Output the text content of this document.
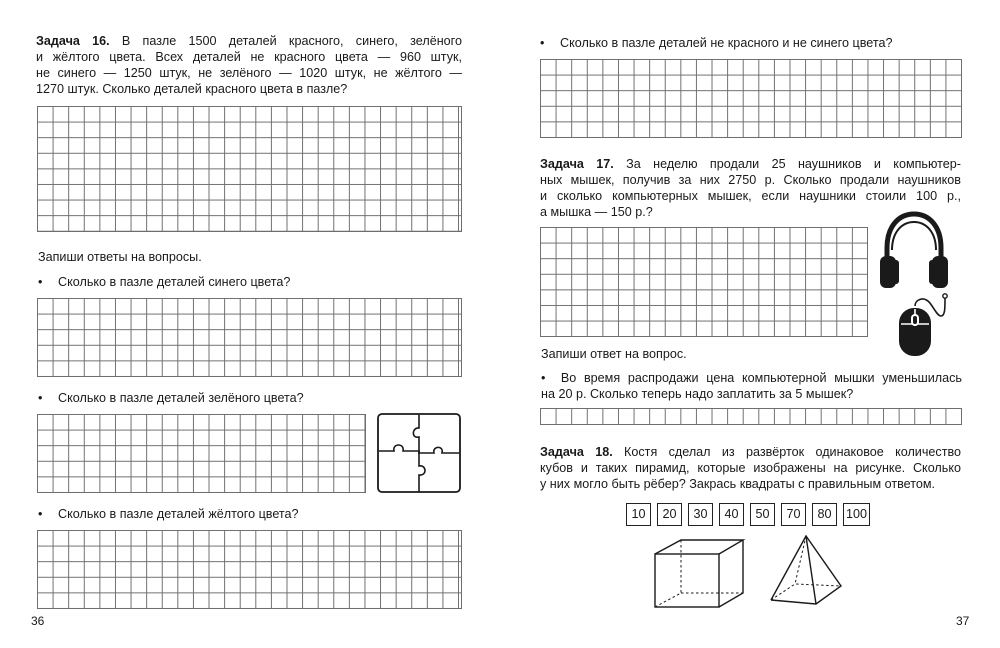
Задача 16. В пазле 1500 деталей красного, синего, зелёного
и жёлтого цвета. Всех деталей не красного цвета — 960 штук,
не синего — 1250 штук, не зелёного — 1020 штук, не жёлтого —
1270 штук. Сколько деталей красного цвета в пазле?
Запиши ответы на вопросы.
• Сколько в пазле деталей синего цвета?
• Сколько в пазле деталей зелёного цвета?
• Сколько в пазле деталей жёлтого цвета?
36
• Сколько в пазле деталей не красного и не синего цвета?
Задача 17. За неделю продали 25 наушников и компьютер-
ных мышек, получив за них 2750 р. Сколько продали наушников
и сколько компьютерных мышек, если наушники стоили 100 р.,
а мышка — 150 р.?
Запиши ответ на вопрос.
•  Во время распродажи цена компьютерной мышки уменьшилась
на 20 р. Сколько теперь надо заплатить за 5 мышек?
Задача 18. Костя сделал из развёрток одинаковое количество
кубов и таких пирамид, которые изображены на рисунке. Сколько
у них могло быть рёбер? Закрась квадраты с правильным ответом.
10	20	30	40	50	70	80	100
37
